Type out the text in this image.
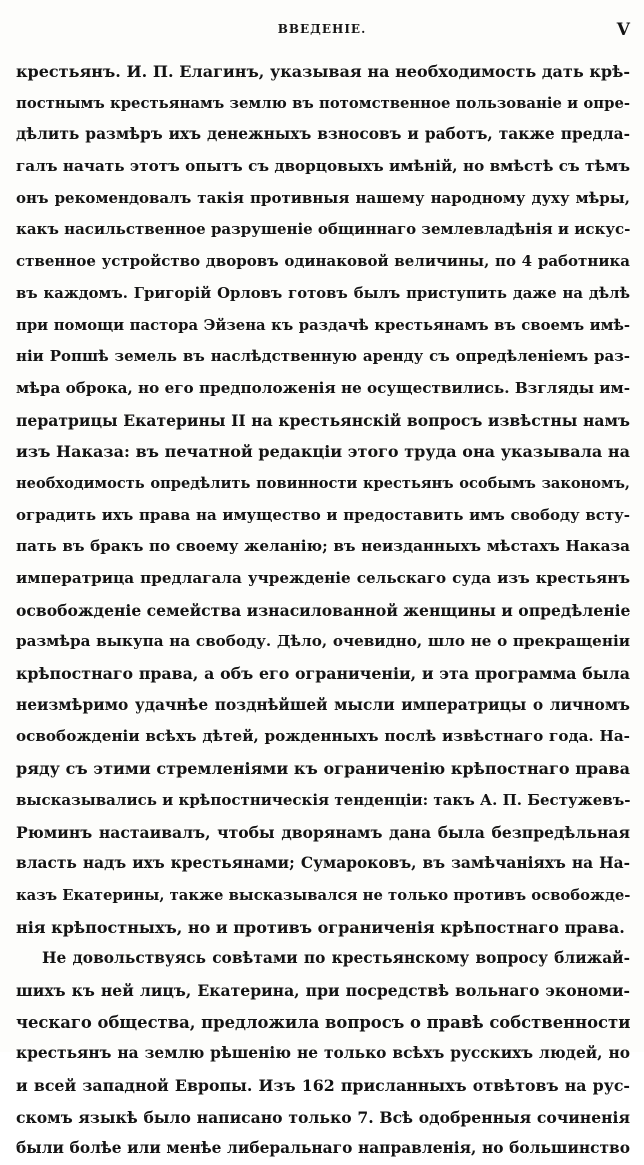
ВВЕДЕНІЕ.	V
крестьянъ. И. П. Елагинъ, указывая на необходимость дать крѣ-
постнымъ крестьянамъ землю въ потомственное пользованіе и опре-
дѣлить размѣръ ихъ денежныхъ взносовъ и работъ, также предла-
галъ начать этотъ опытъ съ дворцовыхъ имѣній, но вмѣстѣ съ тѣмъ
онъ рекомендовалъ такія противныя нашему народному духу мѣры,
какъ насильственное разрушеніе общиннаго землевладѣнія и искус-
ственное устройство дворовъ одинаковой величины, по 4 работника
въ каждомъ. Григорій Орловъ готовъ былъ приступить даже на дѣлѣ
при помощи пастора Эйзена къ раздачѣ крестьянамъ въ своемъ имѣ-
ніи Ропшѣ земель въ наслѣдственную аренду съ опредѣленіемъ раз-
мѣра оброка, но его предположенія не осуществились. Взгляды им-
ператрицы Екатерины II на крестьянскій вопросъ извѣстны намъ
изъ Наказа: въ печатной редакціи этого труда она указывала на
необходимость опредѣлить повинности крестьянъ особымъ закономъ,
оградить ихъ права на имущество и предоставить имъ свободу всту-
пать въ бракъ по своему желанію; въ неизданныхъ мѣстахъ Наказа
императрица предлагала учрежденіе сельскаго суда изъ крестьянъ
освобожденіе семейства изнасилованной женщины и опредѣленіе
размѣра выкупа на свободу. Дѣло, очевидно, шло не о прекращеніи
крѣпостнаго права, а объ его ограниченіи, и эта программа была
неизмѣримо удачнѣе позднѣйшей мысли императрицы о личномъ
освобожденіи всѣхъ дѣтей, рожденныхъ послѣ извѣстнаго года. На-
ряду съ этими стремленіями къ ограниченію крѣпостнаго права
высказывались и крѣпостническія тенденціи: такъ А. П. Бестужевъ-
Рюминъ настаивалъ, чтобы дворянамъ дана была безпредѣльная
власть надъ ихъ крестьянами; Сумароковъ, въ замѣчаніяхъ на На-
казъ Екатерины, также высказывался не только противъ освобожде-
нія крѣпостныхъ, но и противъ ограниченія крѣпостнаго права.
Не довольствуясь совѣтами по крестьянскому вопросу ближай-
шихъ къ ней лицъ, Екатерина, при посредствѣ вольнаго экономи-
ческаго общества, предложила вопросъ о правѣ собственности
крестьянъ на землю рѣшенію не только всѣхъ русскихъ людей, но
и всей западной Европы. Изъ 162 присланныхъ отвѣтовъ на рус-
скомъ языкѣ было написано только 7. Всѣ одобренныя сочиненія
были болѣе или менѣе либеральнаго направленія, но большинство
